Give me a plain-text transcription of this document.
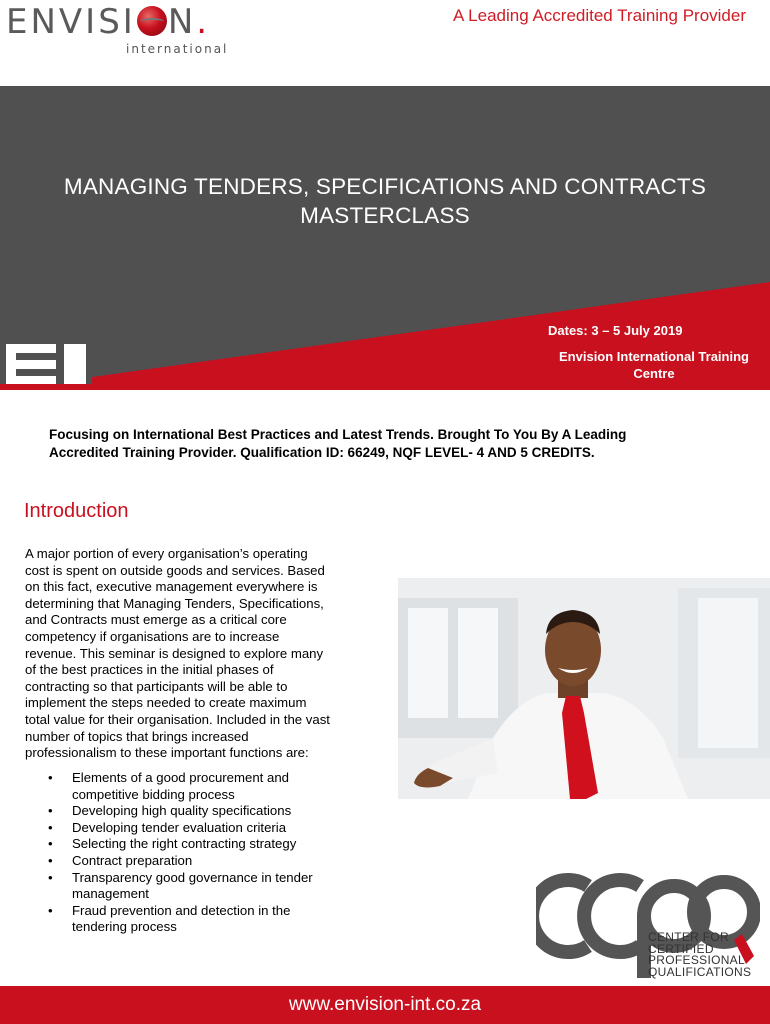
ENVISI N.
international
A Leading Accredited Training Provider
MANAGING TENDERS, SPECIFICATIONS AND CONTRACTS
MASTERCLASS
Dates: 3 – 5 July 2019
Envision International Training
Centre
Focusing on International Best Practices and Latest Trends. Brought To You By A Leading
Accredited Training Provider. Qualification ID: 66249, NQF LEVEL- 4 AND 5 CREDITS.
Introduction
A major portion of every organisation’s operating
cost is spent on outside goods and services. Based
on this fact, executive management everywhere is
determining that Managing Tenders, Specifications,
and Contracts must emerge as a critical core
competency if organisations are to increase
revenue. This seminar is designed to explore many
of the best practices in the initial phases of
contracting so that participants will be able to
implement the steps needed to create maximum
total value for their organisation. Included in the vast
number of topics that brings increased
professionalism to these important functions are:
• Elements of a good procurement and
competitive bidding process
• Developing high quality specifications
• Developing tender evaluation criteria
• Selecting the right contracting strategy
• Contract preparation
• Transparency good governance in tender
management
• Fraud prevention and detection in the
tendering process
CENTER FOR
CERTIFIED
PROFESSIONAL
QUALIFICATIONS
www.envision-int.co.za
